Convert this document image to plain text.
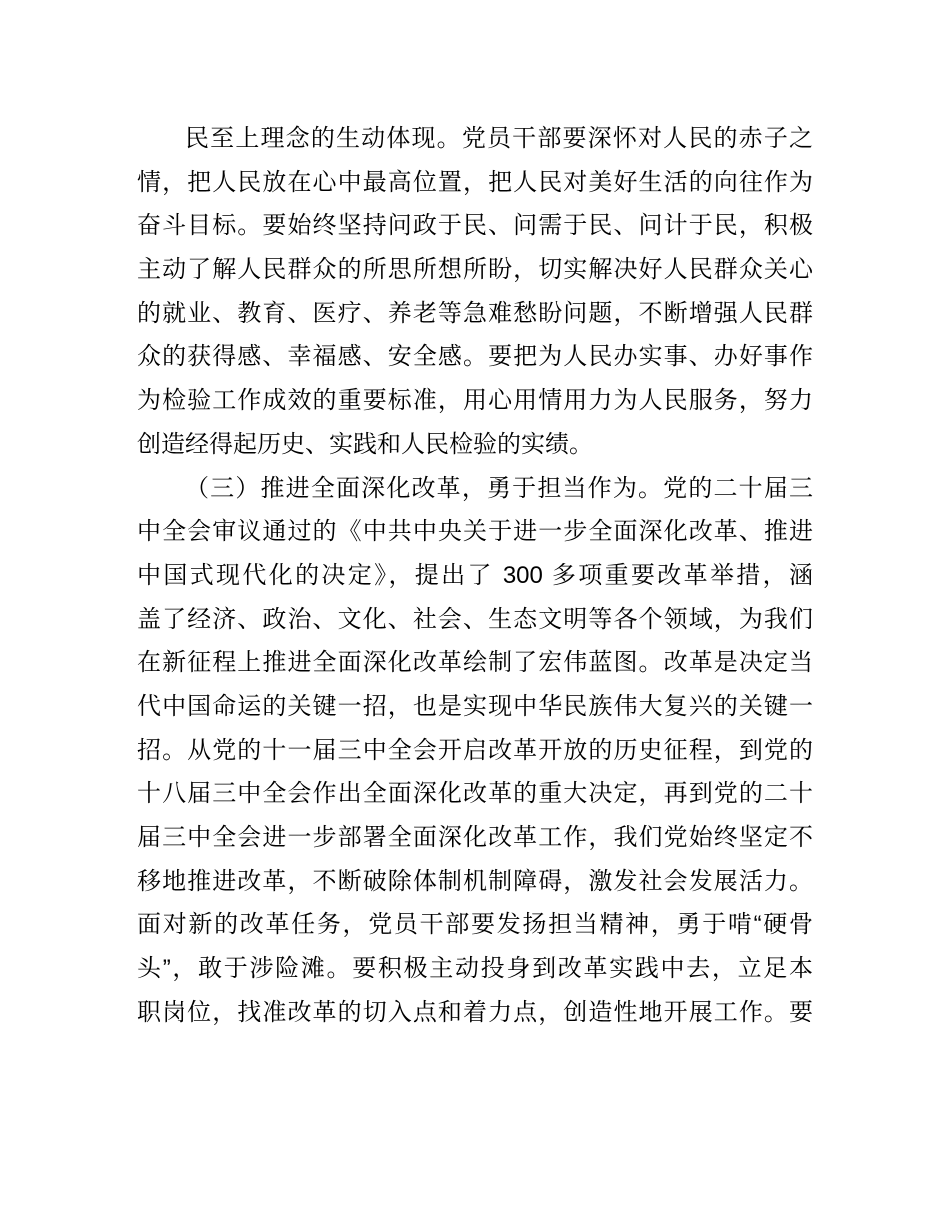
民至上理念的生动体现。党员干部要深怀对人民的赤子之
情，把人民放在心中最高位置，把人民对美好生活的向往作为
奋斗目标。要始终坚持问政于民、问需于民、问计于民，积极
主动了解人民群众的所思所想所盼，切实解决好人民群众关心
的就业、教育、医疗、养老等急难愁盼问题，不断增强人民群
众的获得感、幸福感、安全感。要把为人民办实事、办好事作
为检验工作成效的重要标准，用心用情用力为人民服务，努力
创造经得起历史、实践和人民检验的实绩。
（三）推进全面深化改革，勇于担当作为。党的二十届三
中全会审议通过的《中共中央关于进一步全面深化改革、推进
中国式现代化的决定》，提出了 300 多项重要改革举措，涵
盖了经济、政治、文化、社会、生态文明等各个领域，为我们
在新征程上推进全面深化改革绘制了宏伟蓝图。改革是决定当
代中国命运的关键一招，也是实现中华民族伟大复兴的关键一
招。从党的十一届三中全会开启改革开放的历史征程，到党的
十八届三中全会作出全面深化改革的重大决定，再到党的二十
届三中全会进一步部署全面深化改革工作，我们党始终坚定不
移地推进改革，不断破除体制机制障碍，激发社会发展活力。
面对新的改革任务，党员干部要发扬担当精神，勇于啃“硬骨
头”，敢于涉险滩。要积极主动投身到改革实践中去，立足本
职岗位，找准改革的切入点和着力点，创造性地开展工作。要
